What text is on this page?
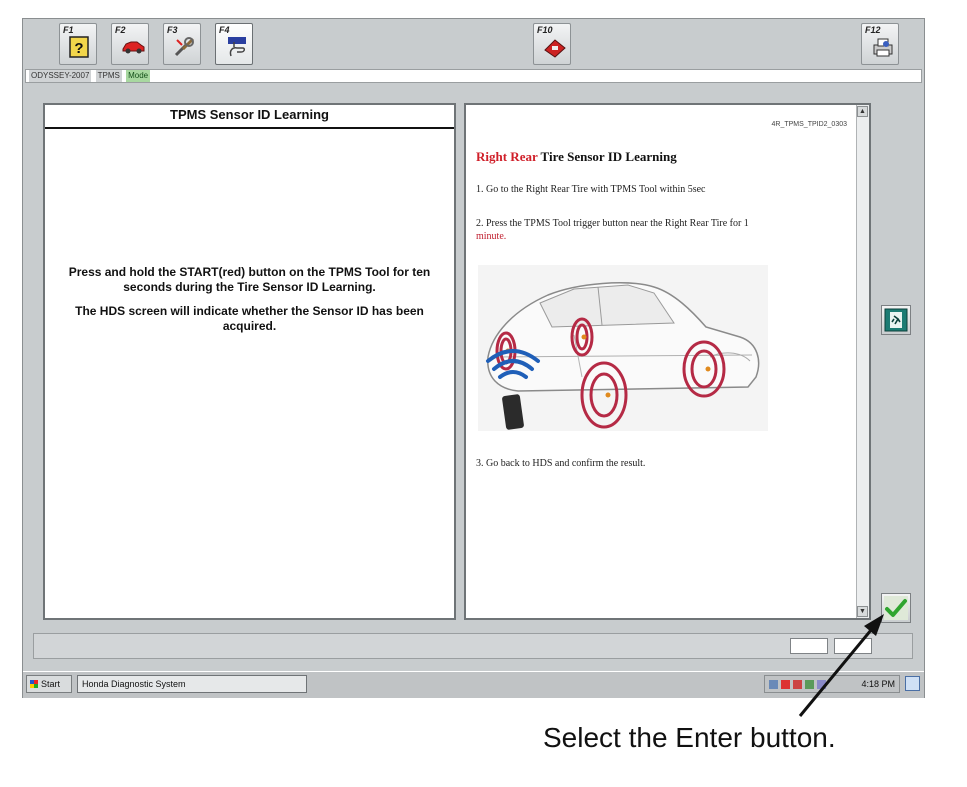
F1
?
F2	F3	F4	F10	F12
ODYSSEY-2007 TPMS Mode
TPMS Sensor ID Learning

Press and hold the START(red) button on the TPMS Tool for ten seconds during the Tire Sensor ID Learning.

The HDS screen will indicate whether the Sensor ID has been acquired.

4R_TPMS_TPID2_0303
Right Rear Tire Sensor ID Learning
1. Go to the Right Rear Tire with TPMS Tool within 5sec
2. Press the TPMS Tool trigger button near the Right Rear Tire for 1
minute.
3. Go back to HDS and confirm the result.
▲
▼
Start	Honda Diagnostic System	4:18 PM
Select the Enter button.
